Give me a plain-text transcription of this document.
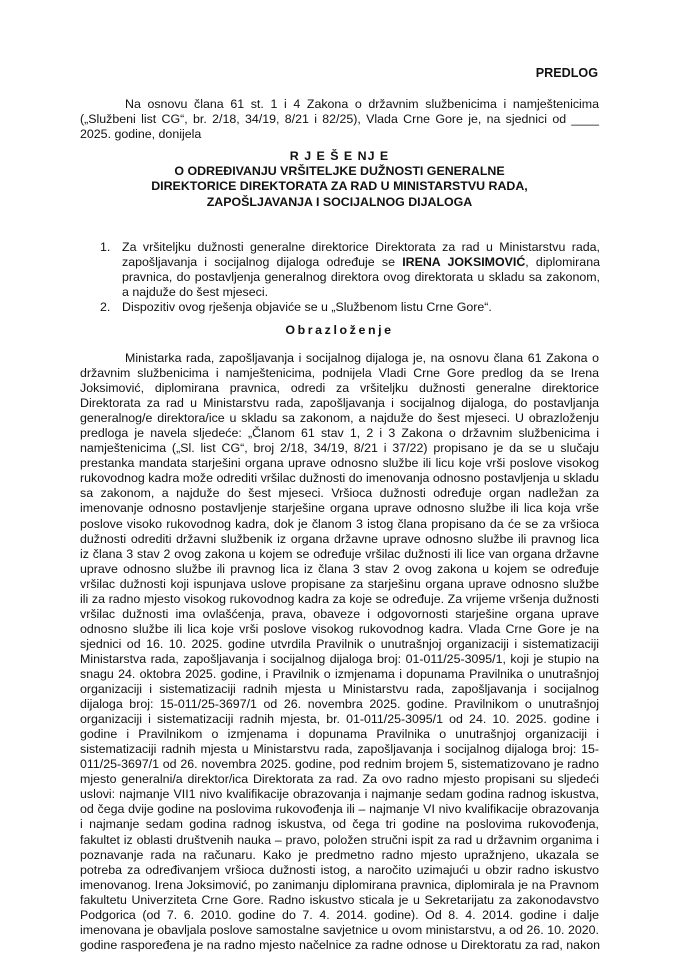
PREDLOG
Na osnovu člana 61 st. 1 i 4 Zakona o državnim službenicima i namještenicima
(„Službeni list CG“, br. 2/18, 34/19, 8/21 i 82/25), Vlada Crne Gore je, na sjednici od ____
2025. godine, donijela
R J E Š E NJ E
O ODREĐIVANJU VRŠITELJKE DUŽNOSTI GENERALNE
DIREKTORICE DIREKTORATA ZA RAD U MINISTARSTVU RADA,
ZAPOŠLJAVANJA I SOCIJALNOG DIJALOGA
1. Za vršiteljku dužnosti generalne direktorice Direktorata za rad u Ministarstvu rada,
zapošljavanja i socijalnog dijaloga određuje se IRENA JOKSIMOVIĆ, diplomirana
pravnica, do postavljenja generalnog direktora ovog direktorata u skladu sa zakonom,
a najduže do šest mjeseci.
2. Dispozitiv ovog rješenja objaviće se u „Službenom listu Crne Gore“.
Obrazloženje
Ministarka rada, zapošljavanja i socijalnog dijaloga je, na osnovu člana 61 Zakona o
državnim službenicima i namještenicima, podnijela Vladi Crne Gore predlog da se Irena
Joksimović, diplomirana pravnica, odredi za vršiteljku dužnosti generalne direktorice
Direktorata za rad u Ministarstvu rada, zapošljavanja i socijalnog dijaloga, do postavljanja
generalnog/e direktora/ice u skladu sa zakonom, a najduže do šest mjeseci. U obrazloženju
predloga je navela sljedeće: „Članom 61 stav 1, 2 i 3 Zakona o državnim službenicima i
namještenicima („Sl. list CG“, broj 2/18, 34/19, 8/21 i 37/22) propisano je da se u slučaju
prestanka mandata starješini organa uprave odnosno službe ili licu koje vrši poslove visokog
rukovodnog kadra može odrediti vršilac dužnosti do imenovanja odnosno postavljenja u skladu
sa zakonom, a najduže do šest mjeseci. Vršioca dužnosti određuje organ nadležan za
imenovanje odnosno postavljenje starješine organa uprave odnosno službe ili lica koja vrše
poslove visoko rukovodnog kadra, dok je članom 3 istog člana propisano da će se za vršioca
dužnosti odrediti državni službenik iz organa državne uprave odnosno službe ili pravnog lica
iz člana 3 stav 2 ovog zakona u kojem se određuje vršilac dužnosti ili lice van organa državne
uprave odnosno službe ili pravnog lica iz člana 3 stav 2 ovog zakona u kojem se određuje
vršilac dužnosti koji ispunjava uslove propisane za starješinu organa uprave odnosno službe
ili za radno mjesto visokog rukovodnog kadra za koje se određuje. Za vrijeme vršenja dužnosti
vršilac dužnosti ima ovlašćenja, prava, obaveze i odgovornosti starješine organa uprave
odnosno službe ili lica koje vrši poslove visokog rukovodnog kadra. Vlada Crne Gore je na
sjednici od 16. 10. 2025. godine utvrdila Pravilnik o unutrašnjoj organizaciji i sistematizaciji
Ministarstva rada, zapošljavanja i socijalnog dijaloga broj: 01-011/25-3095/1, koji je stupio na
snagu 24. oktobra 2025. godine, i Pravilnik o izmjenama i dopunama Pravilnika o unutrašnjoj
organizaciji i sistematizaciji radnih mjesta u Ministarstvu rada, zapošljavanja i socijalnog
dijaloga broj: 15-011/25-3697/1 od 26. novembra 2025. godine. Pravilnikom o unutrašnjoj
organizaciji i sistematizaciji radnih mjesta, br. 01-011/25-3095/1 od 24. 10. 2025. godine i
godine i Pravilnikom o izmjenama i dopunama Pravilnika o unutrašnjoj organizaciji i
sistematizaciji radnih mjesta u Ministarstvu rada, zapošljavanja i socijalnog dijaloga broj: 15-
011/25-3697/1 od 26. novembra 2025. godine, pod rednim brojem 5, sistematizovano je radno
mjesto generalni/a direktor/ica Direktorata za rad. Za ovo radno mjesto propisani su sljedeći
uslovi: najmanje VII1 nivo kvalifikacije obrazovanja i najmanje sedam godina radnog iskustva,
od čega dvije godine na poslovima rukovođenja ili – najmanje VI nivo kvalifikacije obrazovanja
i najmanje sedam godina radnog iskustva, od čega tri godine na poslovima rukovođenja,
fakultet iz oblasti društvenih nauka – pravo, položen stručni ispit za rad u državnim organima i
poznavanje rada na računaru. Kako je predmetno radno mjesto upražnjeno, ukazala se
potreba za određivanjem vršioca dužnosti istog, a naročito uzimajući u obzir radno iskustvo
imenovanog. Irena Joksimović, po zanimanju diplomirana pravnica, diplomirala je na Pravnom
fakultetu Univerziteta Crne Gore. Radno iskustvo sticala je u Sekretarijatu za zakonodavstvo
Podgorica (od 7. 6. 2010. godine do 7. 4. 2014. godine). Od 8. 4. 2014. godine i dalje
imenovana je obavljala poslove samostalne savjetnice u ovom ministarstvu, a od 26. 10. 2020.
godine raspoređena je na radno mjesto načelnice za radne odnose u Direktoratu za rad, nakon
